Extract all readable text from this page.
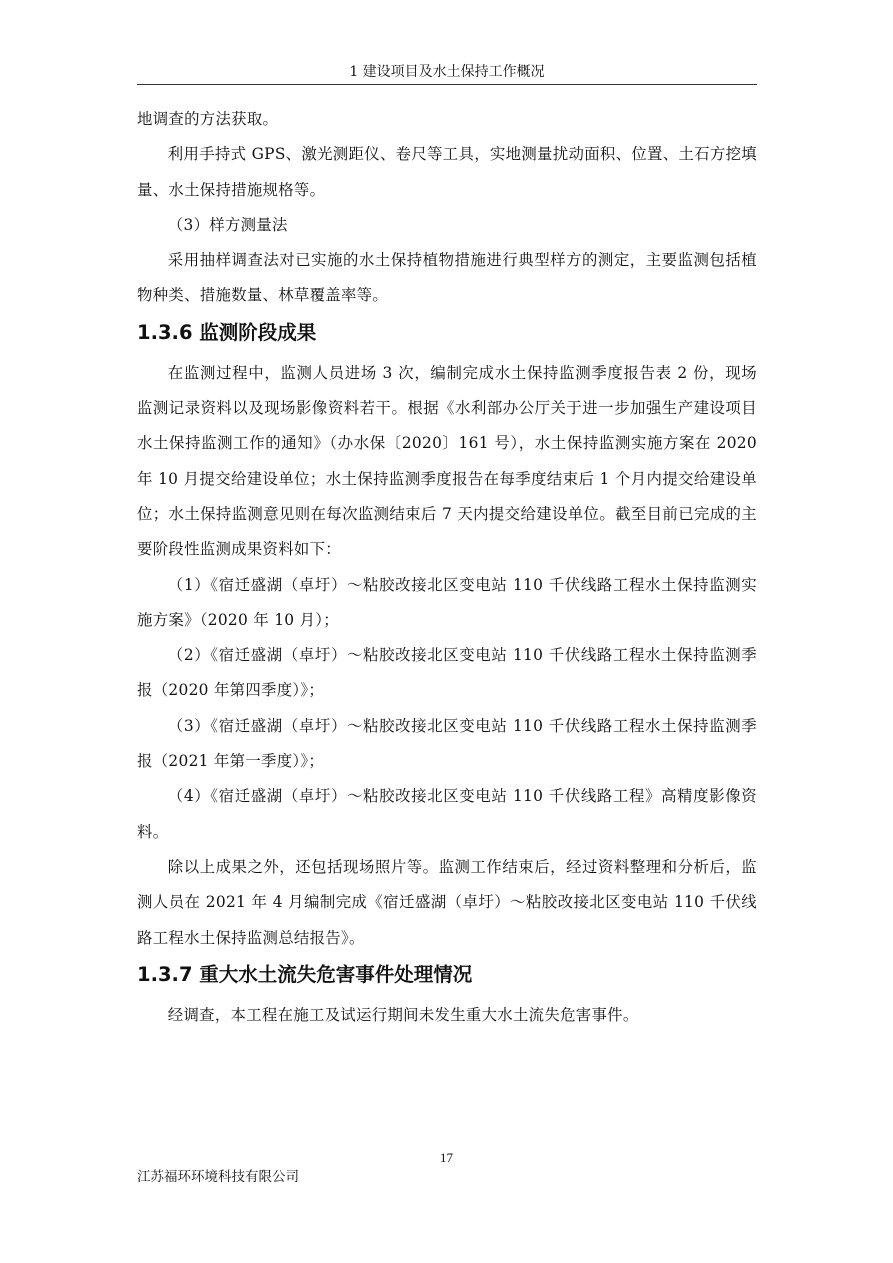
1 建设项目及水土保持工作概况

地调查的方法获取。

利用手持式 GPS、激光测距仪、卷尺等工具，实地测量扰动面积、位置、土石方挖填量、水土保持措施规格等。

（3）样方测量法

采用抽样调查法对已实施的水土保持植物措施进行典型样方的测定，主要监测包括植物种类、措施数量、林草覆盖率等。

1.3.6 监测阶段成果

在监测过程中，监测人员进场 3 次，编制完成水土保持监测季度报告表 2 份，现场监测记录资料以及现场影像资料若干。根据《水利部办公厅关于进一步加强生产建设项目水土保持监测工作的通知》（办水保〔2020〕161 号），水土保持监测实施方案在 2020 年 10 月提交给建设单位；水土保持监测季度报告在每季度结束后 1 个月内提交给建设单位；水土保持监测意见则在每次监测结束后 7 天内提交给建设单位。截至目前已完成的主要阶段性监测成果资料如下：

（1）《宿迁盛湖（卓圩）～粘胶改接北区变电站 110 千伏线路工程水土保持监测实施方案》（2020 年 10 月）；

（2）《宿迁盛湖（卓圩）～粘胶改接北区变电站 110 千伏线路工程水土保持监测季报（2020 年第四季度）》；

（3）《宿迁盛湖（卓圩）～粘胶改接北区变电站 110 千伏线路工程水土保持监测季报（2021 年第一季度）》；

（4）《宿迁盛湖（卓圩）～粘胶改接北区变电站 110 千伏线路工程》高精度影像资料。

除以上成果之外，还包括现场照片等。监测工作结束后，经过资料整理和分析后，监测人员在 2021 年 4 月编制完成《宿迁盛湖（卓圩）～粘胶改接北区变电站 110 千伏线路工程水土保持监测总结报告》。

1.3.7 重大水土流失危害事件处理情况

经调查，本工程在施工及试运行期间未发生重大水土流失危害事件。

17
江苏福环环境科技有限公司
